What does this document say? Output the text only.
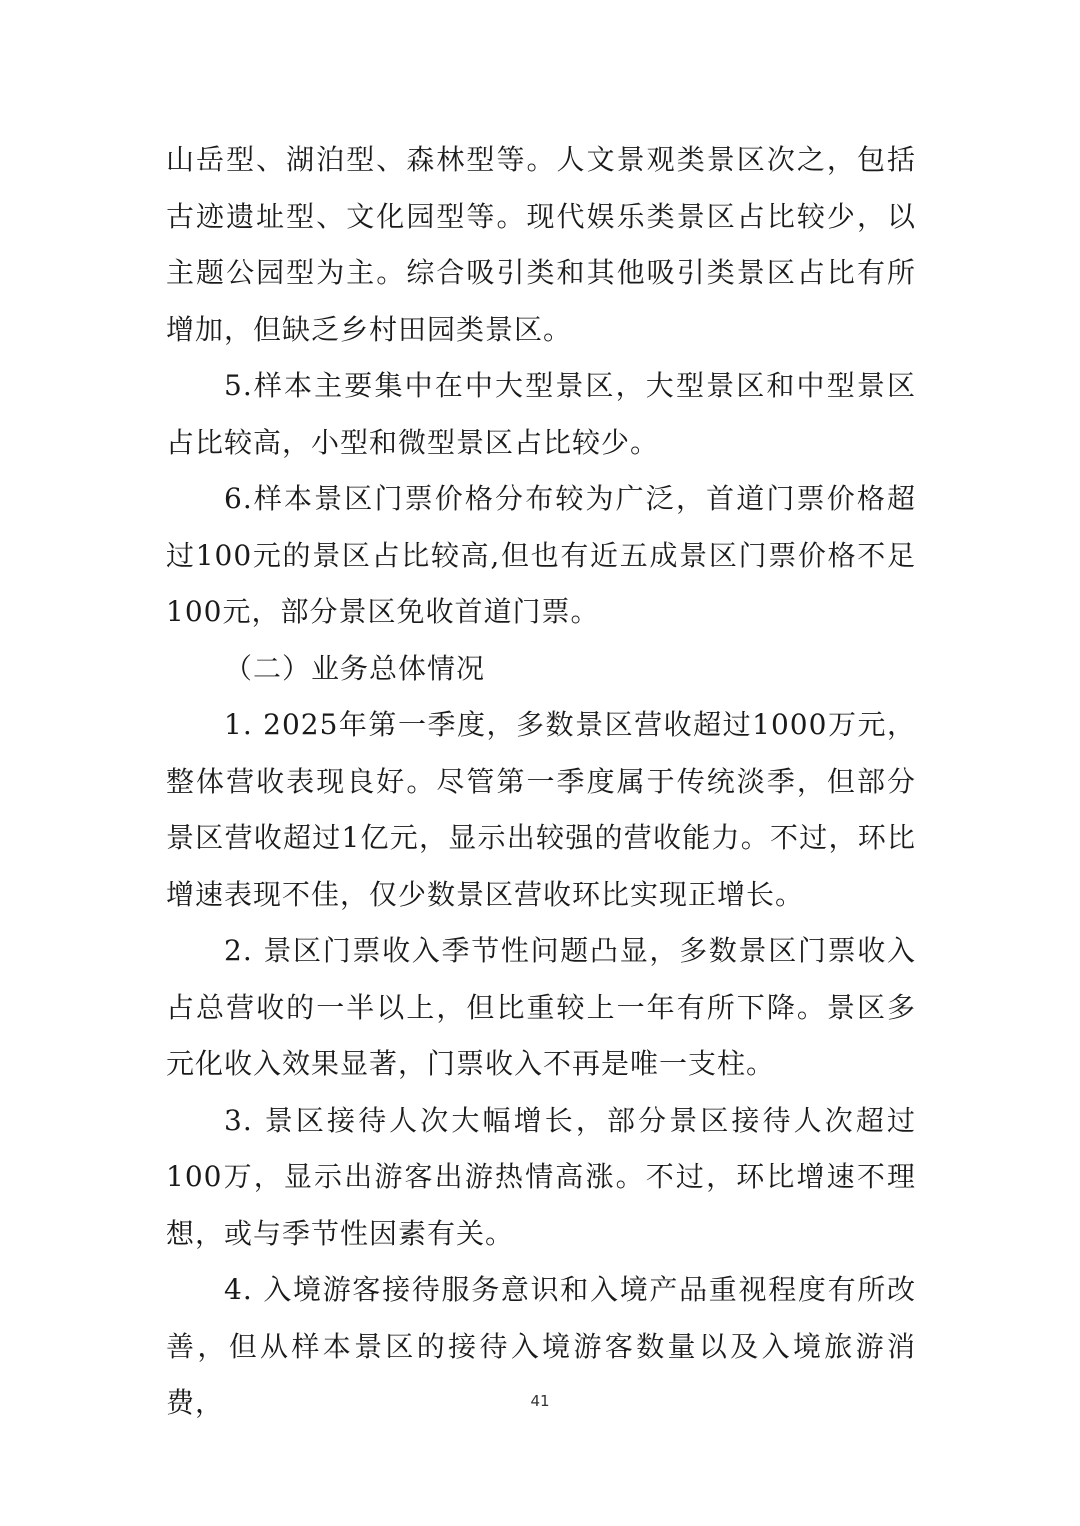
山岳型、湖泊型、森林型等。人文景观类景区次之，包括古迹遗址型、文化园型等。现代娱乐类景区占比较少，以主题公园型为主。综合吸引类和其他吸引类景区占比有所增加，但缺乏乡村田园类景区。

5.样本主要集中在中大型景区，大型景区和中型景区占比较高，小型和微型景区占比较少。

6.样本景区门票价格分布较为广泛，首道门票价格超过100元的景区占比较高,但也有近五成景区门票价格不足100元，部分景区免收首道门票。

（二）业务总体情况

1. 2025年第一季度，多数景区营收超过1000万元，整体营收表现良好。尽管第一季度属于传统淡季，但部分景区营收超过1亿元，显示出较强的营收能力。不过，环比增速表现不佳，仅少数景区营收环比实现正增长。

2. 景区门票收入季节性问题凸显，多数景区门票收入占总营收的一半以上，但比重较上一年有所下降。景区多元化收入效果显著，门票收入不再是唯一支柱。

3. 景区接待人次大幅增长，部分景区接待人次超过100万，显示出游客出游热情高涨。不过，环比增速不理想，或与季节性因素有关。

4. 入境游客接待服务意识和入境产品重视程度有所改善，但从样本景区的接待入境游客数量以及入境旅游消费，	41
